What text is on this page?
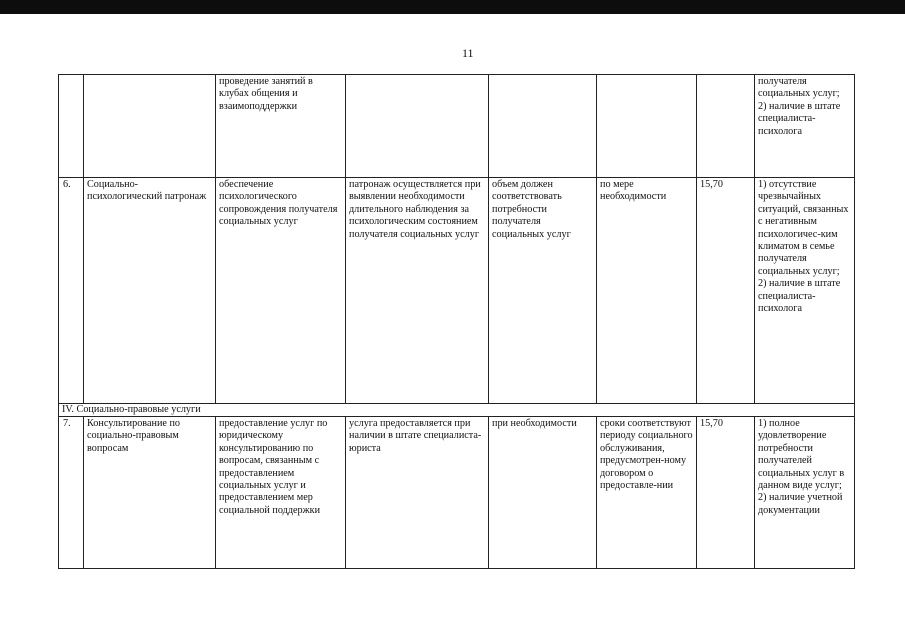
11
		проведение занятий в клубах общения и взаимоподдержки					получателя социальных услуг;
2) наличие в штате специалиста-психолога
6.	Социально-психологический патронаж	обеспечение психологического сопровождения получателя социальных услуг	патронаж осуществляется при выявлении необходимости длительного наблюдения за психологическим состоянием получателя социальных услуг	объем должен соответствовать потребности получателя социальных услуг	по мере необходимости	15,70	1) отсутствие чрезвычайных ситуаций, связанных с негативным психологичес-ким климатом в семье получателя социальных услуг;
2) наличие в штате специалиста-психолога
IV. Социально-правовые услуги							
7.	Консультирование по социально-правовым вопросам	предоставление услуг по юридическому консультированию по вопросам, связанным с предоставлением социальных услуг и предоставлением мер социальной поддержки	услуга предоставляется при наличии в штате специалиста-юриста	при необходимости	сроки соответствуют периоду социального обслуживания, предусмотрен-ному договором о предоставле-нии	15,70	1) полное удовлетворение потребности получателей социальных услуг в данном виде услуг;
2) наличие учетной документации
